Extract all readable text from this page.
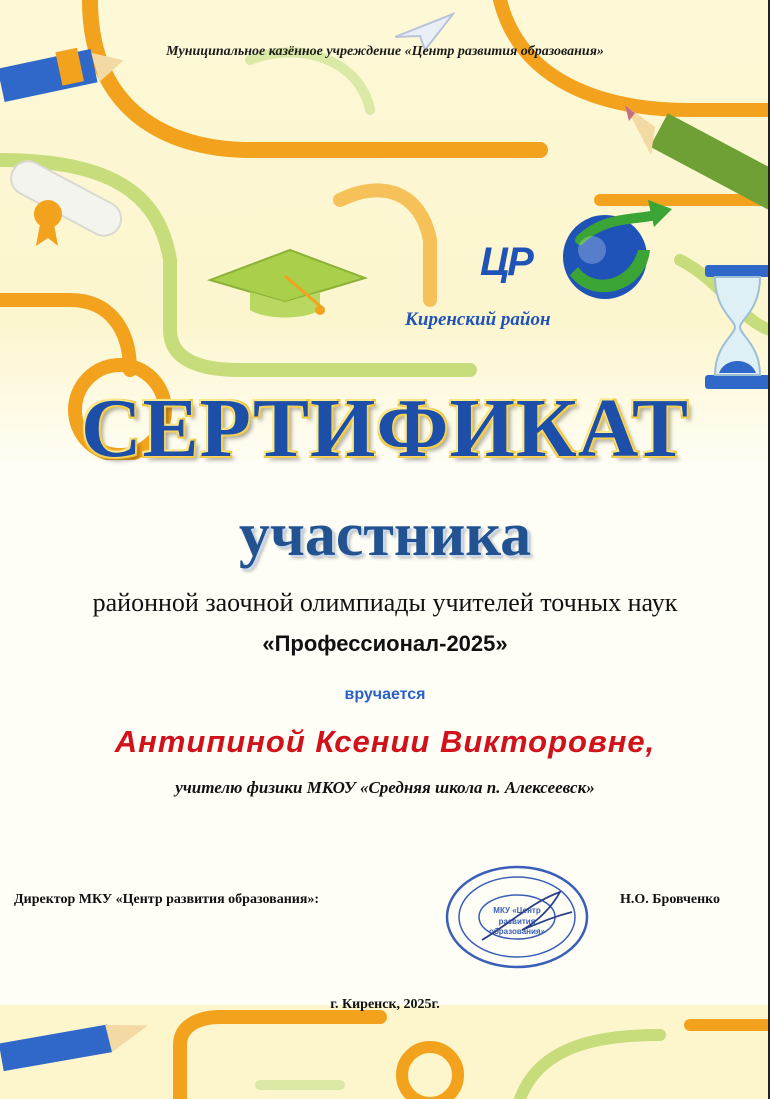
ЦР
Киренский район
Муниципальное казённое учреждение «Центр развития образования»
СЕРТИФИКАТ
участника
районной заочной олимпиады учителей точных наук
«Профессионал-2025»
вручается
Антипиной Ксении Викторовне,
учителю физики МКОУ «Средняя школа п. Алексеевск»
Директор МКУ «Центр развития образования»:
МКУ «Центр
развития
образования»
Н.О. Бровченко
г. Киренск, 2025г.
